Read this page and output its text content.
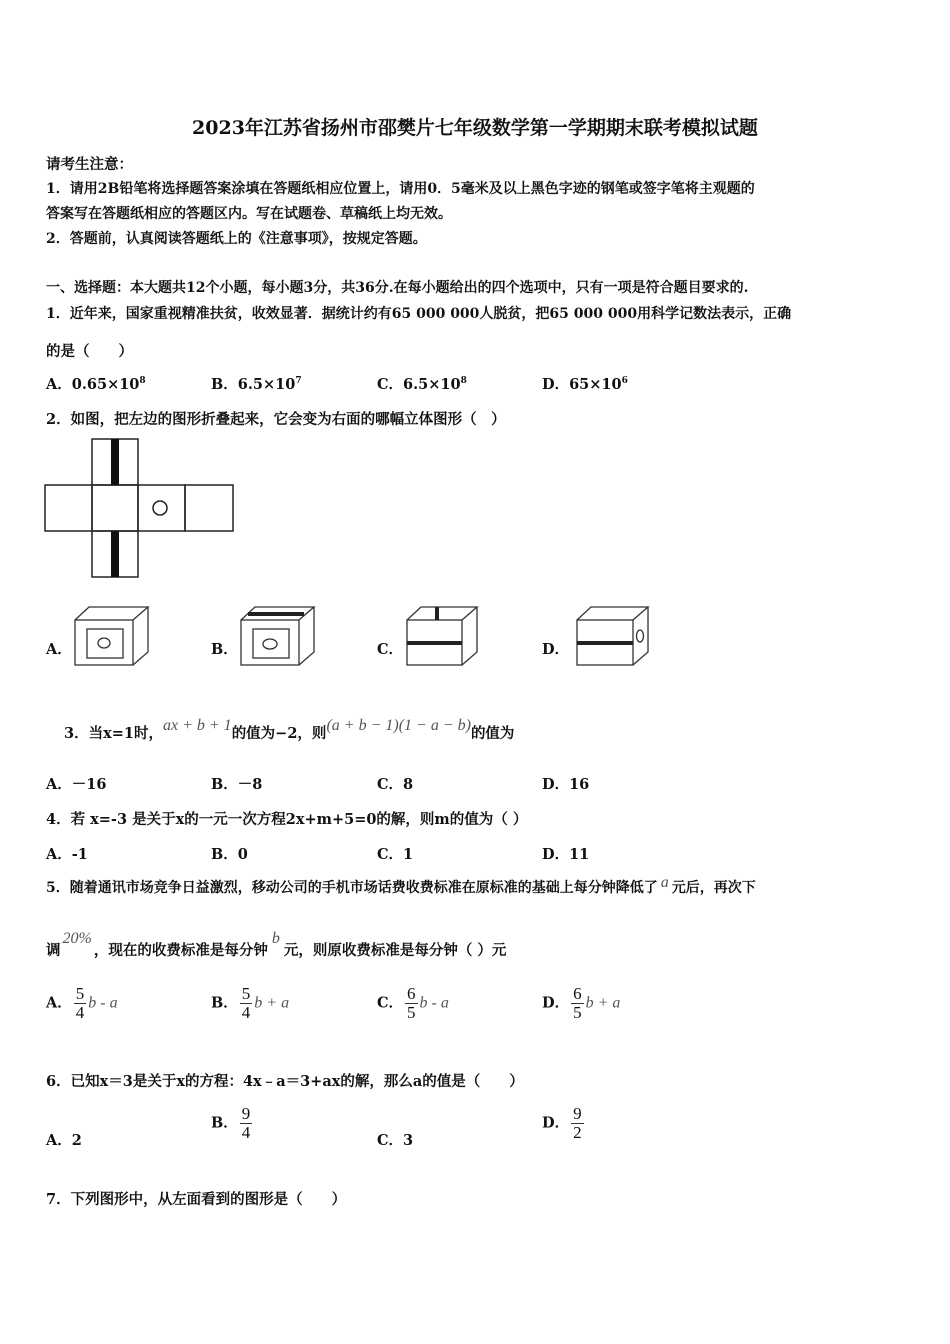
2023年江苏省扬州市邵樊片七年级数学第一学期期末联考模拟试题
请考生注意：
1．请用2B铅笔将选择题答案涂填在答题纸相应位置上，请用0．5毫米及以上黑色字迹的钢笔或签字笔将主观题的
答案写在答题纸相应的答题区内。写在试题卷、草稿纸上均无效。
2．答题前，认真阅读答题纸上的《注意事项》，按规定答题。
一、选择题：本大题共12个小题，每小题3分，共36分.在每小题给出的四个选项中，只有一项是符合题目要求的.
1．近年来，国家重视精准扶贫，收效显著．据统计约有65 000 000人脱贫，把65 000 000用科学记数法表示，正确
的是（　　）
A．$0.65\times 10^8$	B．$6.5\times 10^7$	C．$6.5\times 10^8$	D．$65\times 10^6$
2．如图，把左边的图形折叠起来，它会变为右面的哪幅立体图形（　）
A．	B．	C．	D．
3．当x=1时，ax + b + 1的值为−2，则(a + b − 1)(1 − a − b)的值为
A．－16	B．－8	C．8	D．16
4．若 x=-3 是关于x的一元一次方程2x+m+5=0的解，则m的值为（ ）
A．-1	B．0	C．1	D．11
5．随着通讯市场竞争日益激烈，移动公司的手机市场话费收费标准在原标准的基础上每分钟降低了 a 元后，再次下
调20%，现在的收费标准是每分钟b元，则原收费标准是每分钟（ ）元
A． $\frac{5}{4}$ b - a	B． $\frac{5}{4}$ b + a	C． $\frac{6}{5}$ b - a	D． $\frac{6}{5}$ b + a
6．已知x＝3是关于x的方程：4x﹣a＝3+ax的解，那么a的值是（　　）
A．2
B． $\frac{9}{4}$	C．3
D． $\frac{9}{2}$
7．下列图形中，从左面看到的图形是（　　）
